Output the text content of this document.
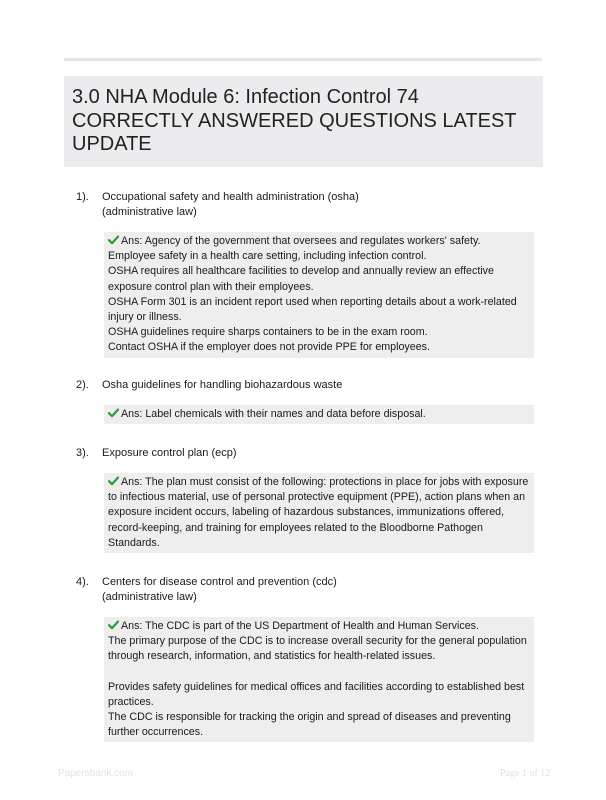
3.0 NHA Module 6: Infection Control 74 CORRECTLY ANSWERED QUESTIONS LATEST UPDATE
1). Occupational safety and health administration (osha)
(administrative law)
Ans: Agency of the government that oversees and regulates workers' safety.
Employee safety in a health care setting, including infection control.
OSHA requires all healthcare facilities to develop and annually review an effective
exposure control plan with their employees.
OSHA Form 301 is an incident report used when reporting details about a work-related
injury or illness.
OSHA guidelines require sharps containers to be in the exam room.
Contact OSHA if the employer does not provide PPE for employees.
2). Osha guidelines for handling biohazardous waste
Ans: Label chemicals with their names and data before disposal.
3). Exposure control plan (ecp)
Ans: The plan must consist of the following: protections in place for jobs with exposure
to infectious material, use of personal protective equipment (PPE), action plans when an
exposure incident occurs, labeling of hazardous substances, immunizations offered,
record-keeping, and training for employees related to the Bloodborne Pathogen
Standards.
4). Centers for disease control and prevention (cdc)
(administrative law)
Ans: The CDC is part of the US Department of Health and Human Services.
The primary purpose of the CDC is to increase overall security for the general population
through research, information, and statistics for health-related issues.
Provides safety guidelines for medical offices and facilities according to established best
practices.
The CDC is responsible for tracking the origin and spread of diseases and preventing
further occurrences.
Papersbank.com	Page 1 of 12
